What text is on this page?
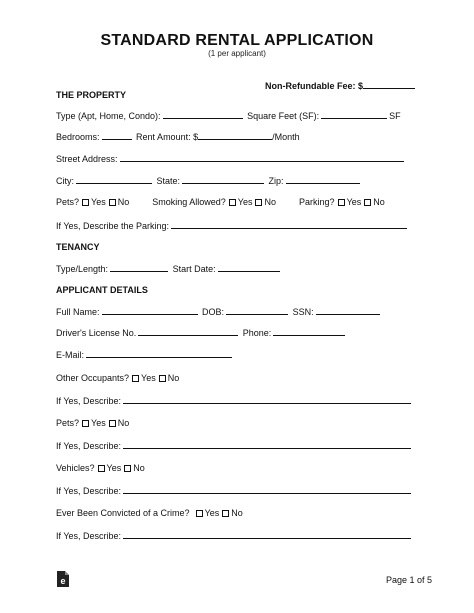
STANDARD RENTAL APPLICATION
(1 per applicant)
Non-Refundable Fee: $
THE PROPERTY
Type (Apt, Home, Condo):	Square Feet (SF):	SF
Bedrooms:	Rent Amount: $	/Month
Street Address:
City:	State:	Zip:
Pets? Yes No	Smoking Allowed? Yes No	Parking? Yes No
If Yes, Describe the Parking:
TENANCY
Type/Length:	Start Date:
APPLICANT DETAILS
Full Name:	DOB:	SSN:
Driver's License No.	Phone:
E-Mail:
Other Occupants? Yes No
If Yes, Describe:
Pets? Yes No
If Yes, Describe:
Vehicles? Yes No
If Yes, Describe:
Ever Been Convicted of a Crime? Yes No
If Yes, Describe:
e	Page 1 of 5
